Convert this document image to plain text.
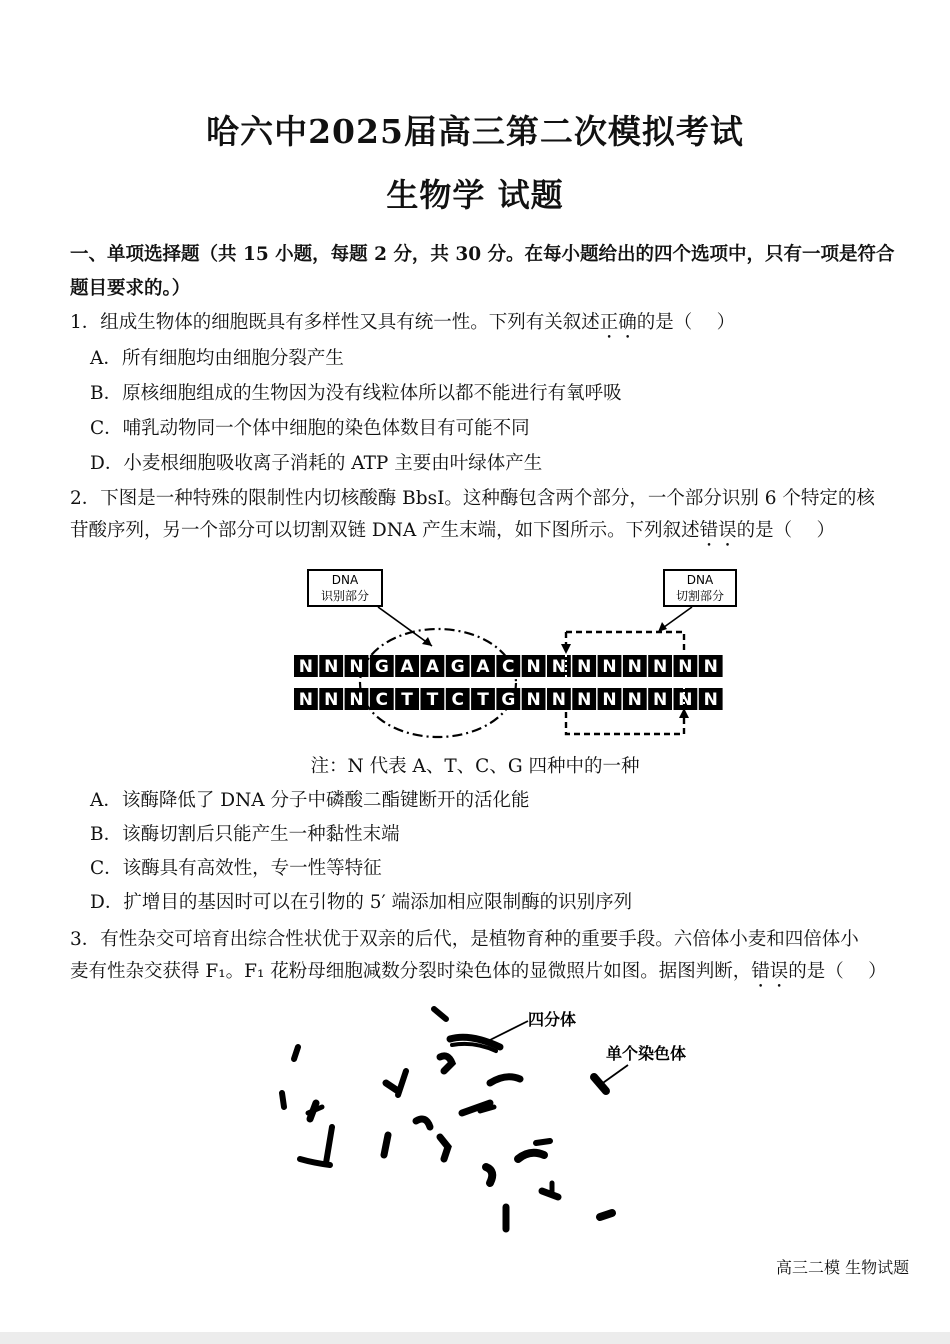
哈六中2025届高三第二次模拟考试
生物学 试题
一、单项选择题（共 15 小题，每题 2 分，共 30 分。在每小题给出的四个选项中，只有一项是符合题目要求的。）
1．组成生物体的细胞既具有多样性又具有统一性。下列有关叙述正确的是（　 ）
A．所有细胞均由细胞分裂产生
B．原核细胞组成的生物因为没有线粒体所以都不能进行有氧呼吸
C．哺乳动物同一个体中细胞的染色体数目有可能不同
D．小麦根细胞吸收离子消耗的 ATP 主要由叶绿体产生
2．下图是一种特殊的限制性内切核酸酶 BbsI。这种酶包含两个部分，一个部分识别 6 个特定的核
苷酸序列，另一个部分可以切割双链 DNA 产生末端，如下图所示。下列叙述错误的是（　 ）
DNA
识别部分
DNA
切割部分
N N N G A A G A C N N N N N N N N
N N N C T T C T G N N N N N N N N
注：N 代表 A、T、C、G 四种中的一种
A．该酶降低了 DNA 分子中磷酸二酯键断开的活化能
B．该酶切割后只能产生一种黏性末端
C．该酶具有高效性，专一性等特征
D．扩增目的基因时可以在引物的 5′ 端添加相应限制酶的识别序列
3．有性杂交可培育出综合性状优于双亲的后代，是植物育种的重要手段。六倍体小麦和四倍体小
麦有性杂交获得 F₁。F₁ 花粉母细胞减数分裂时染色体的显微照片如图。据图判断，错误的是（　 ）
四分体
单个染色体
高三二模 生物试题
